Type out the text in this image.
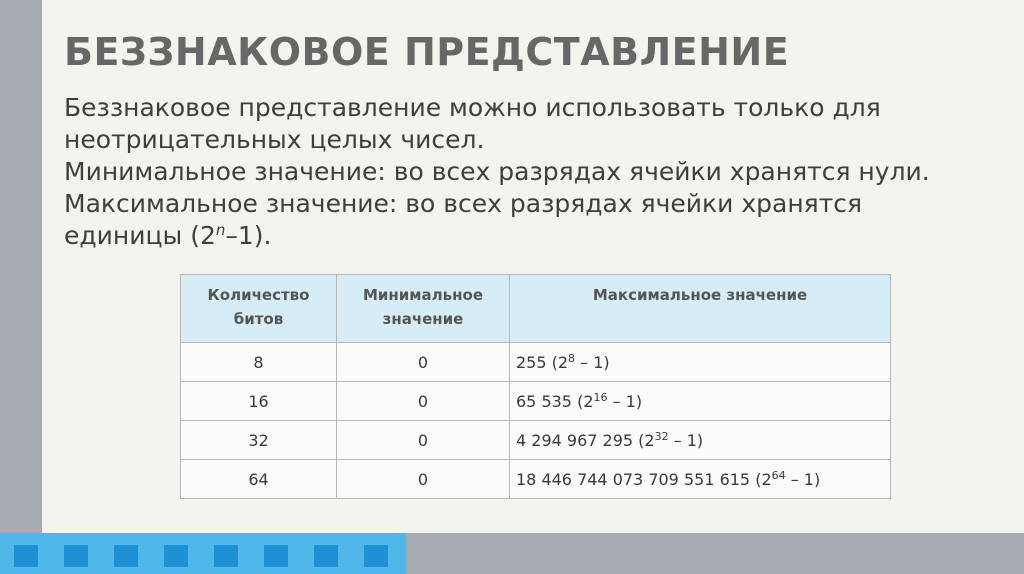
БЕЗЗНАКОВОЕ ПРЕДСТАВЛЕНИЕ

Беззнаковое представление можно использовать только для
неотрицательных целых чисел.

Минимальное значение: во всех разрядах ячейки хранятся нули.

Максимальное значение: во всех разрядах ячейки хранятся
единицы (2$^n$–1).

Количество
битов	Минимальное
значение	Максимальное значение
8	0	255 $(2^8 - 1)$
16	0	65 535 $(2^{16} - 1)$
32	0	4 294 967 295 $(2^{32} - 1)$
64	0	18 446 744 073 709 551 615 $(2^{64} - 1)$
